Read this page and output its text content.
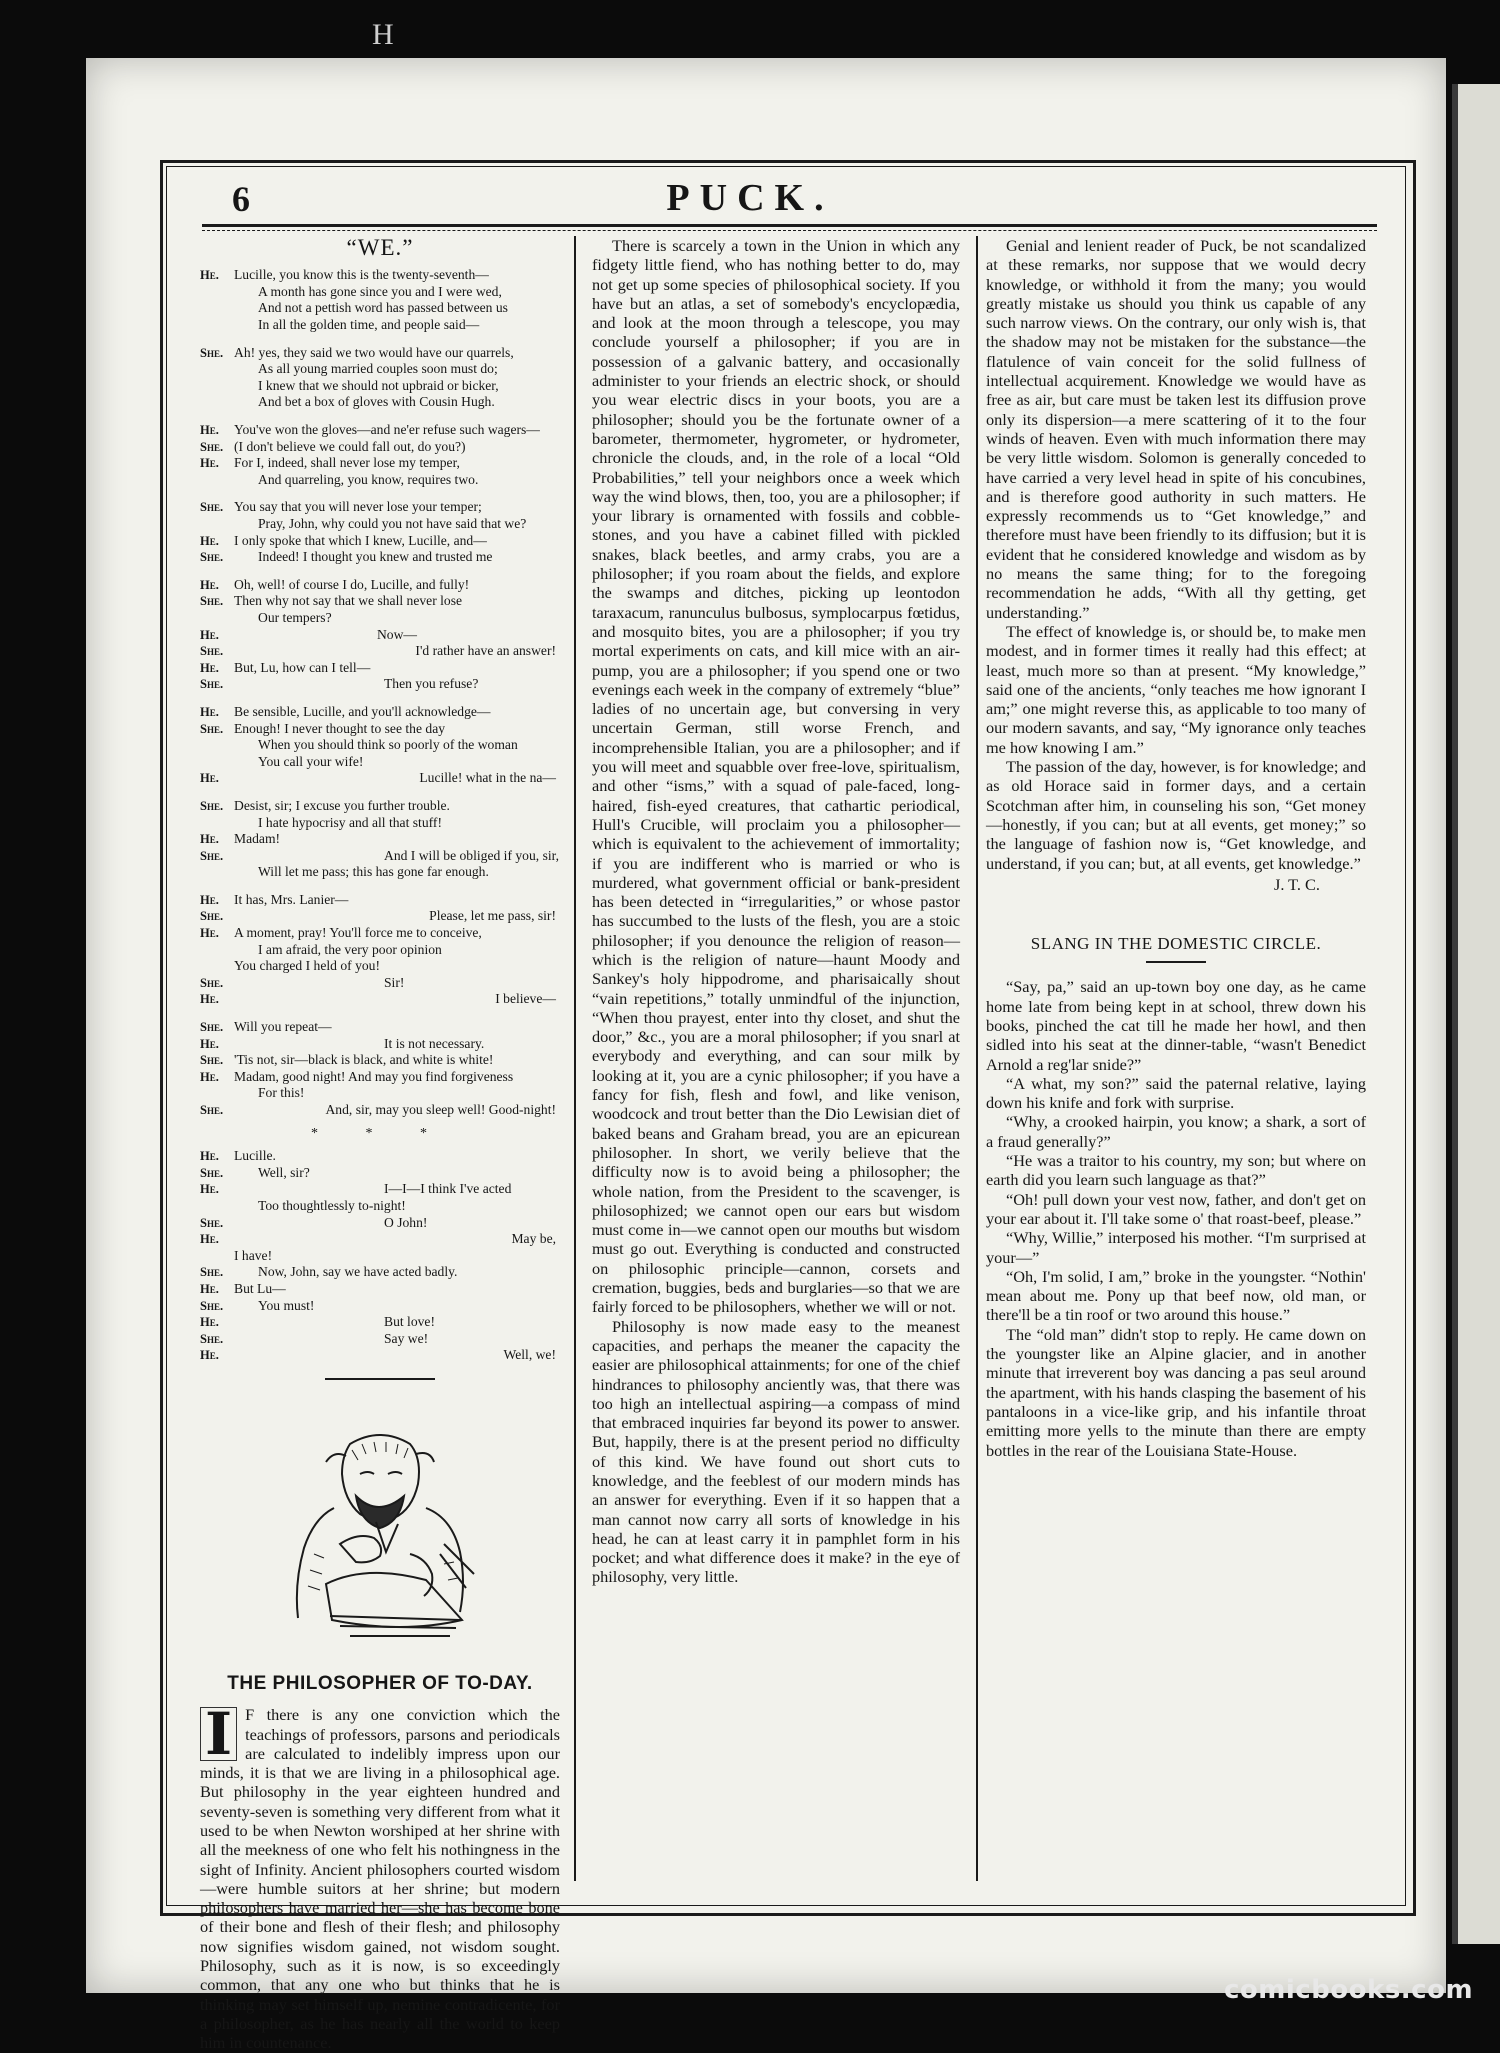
H
6	PUCK.
“WE.”
He.	Lucille, you know this is the twenty-seventh—
A month has gone since you and I were wed,
And not a pettish word has passed between us
In all the golden time, and people said—
She. Ah! yes, they said we two would have our quarrels,
As all young married couples soon must do;
I knew that we should not upbraid or bicker,
And bet a box of gloves with Cousin Hugh.
He.	You've won the gloves—and ne'er refuse such wagers—
She. (I don't believe we could fall out, do you?)
He.	For I, indeed, shall never lose my temper,
And quarreling, you know, requires two.
She. You say that you will never lose your temper;
Pray, John, why could you not have said that we?
He.	I only spoke that which I knew, Lucille, and—
She.	Indeed! I thought you knew and trusted me
He.	Oh, well! of course I do, Lucille, and fully!
She. Then why not say that we shall never lose
Our tempers?
He.	Now—
She.	I'd rather have an answer!
He.	But, Lu, how can I tell—
She.	Then you refuse?
He.	Be sensible, Lucille, and you'll acknowledge—
She. Enough! I never thought to see the day
When you should think so poorly of the woman
You call your wife!
He.	Lucille! what in the na—
She. Desist, sir; I excuse you further trouble.
I hate hypocrisy and all that stuff!
He.	Madam!
She.	And I will be obliged if you, sir,
Will let me pass; this has gone far enough.
He.	It has, Mrs. Lanier—
She.	Please, let me pass, sir!
He.	A moment, pray! You'll force me to conceive,
I am afraid, the very poor opinion
You charged I held of you!
She.	Sir!
He.	I believe—
She. Will you repeat—
He.	It is not necessary.
She. 'Tis not, sir—black is black, and white is white!
He.	Madam, good night! And may you find forgiveness
For this!
She.	And, sir, may you sleep well! Good-night!
* * *
He.	Lucille.
She.	Well, sir?
He.	I—I—I think I've acted
Too thoughtlessly to-night!
She.	O John!
He.	May be,
I have!
She.	Now, John, say we have acted badly.
He.	But Lu—
She.	You must!
He.	But love!
She.	Say we!
He.	Well, we!
THE PHILOSOPHER OF TO-DAY.

I F there is any one conviction which the teachings of professors, parsons and periodicals are calculated to indelibly impress upon our minds, it is that we are living in a philosophical age. But philosophy in the year eighteen hundred and seventy-seven is something very different from what it used to be when Newton worshiped at her shrine with all the meekness of one who felt his nothingness in the sight of Infinity. Ancient philosophers courted wisdom—were humble suitors at her shrine; but modern philosophers have married her—she has become bone of their bone and flesh of their flesh; and philosophy now signifies wisdom gained, not wisdom sought. Philosophy, such as it is now, is so exceedingly common, that any one who but thinks that he is thinking may set himself up, nemine contradicente, for a philosopher, as he has nearly all the world to keep him in countenance.

There is scarcely a town in the Union in which any fidgety little fiend, who has nothing better to do, may not get up some species of philosophical society. If you have but an atlas, a set of somebody's encyclopædia, and look at the moon through a telescope, you may conclude yourself a philosopher; if you are in possession of a galvanic battery, and occasionally administer to your friends an electric shock, or should you wear electric discs in your boots, you are a philosopher; should you be the fortunate owner of a barometer, thermometer, hygrometer, or hydrometer, chronicle the clouds, and, in the role of a local “Old Probabilities,” tell your neighbors once a week which way the wind blows, then, too, you are a philosopher; if your library is ornamented with fossils and cobble-stones, and you have a cabinet filled with pickled snakes, black beetles, and army crabs, you are a philosopher; if you roam about the fields, and explore the swamps and ditches, picking up leontodon taraxacum, ranunculus bulbosus, symplocarpus fœtidus, and mosquito bites, you are a philosopher; if you try mortal experiments on cats, and kill mice with an air-pump, you are a philosopher; if you spend one or two evenings each week in the company of extremely “blue” ladies of no uncertain age, but conversing in very uncertain German, still worse French, and incomprehensible Italian, you are a philosopher; and if you will meet and squabble over free-love, spiritualism, and other “isms,” with a squad of pale-faced, long-haired, fish-eyed creatures, that cathartic periodical, Hull's Crucible, will proclaim you a philosopher—which is equivalent to the achievement of immortality; if you are indifferent who is married or who is murdered, what government official or bank-president has been detected in “irregularities,” or whose pastor has succumbed to the lusts of the flesh, you are a stoic philosopher; if you denounce the religion of reason—which is the religion of nature—haunt Moody and Sankey's holy hippodrome, and pharisaically shout “vain repetitions,” totally unmindful of the injunction, “When thou prayest, enter into thy closet, and shut the door,” &c., you are a moral philosopher; if you snarl at everybody and everything, and can sour milk by looking at it, you are a cynic philosopher; if you have a fancy for fish, flesh and fowl, and like venison, woodcock and trout better than the Dio Lewisian diet of baked beans and Graham bread, you are an epicurean philosopher. In short, we verily believe that the difficulty now is to avoid being a philosopher; the whole nation, from the President to the scavenger, is philosophized; we cannot open our ears but wisdom must come in—we cannot open our mouths but wisdom must go out. Everything is conducted and constructed on philosophic principle—cannon, corsets and cremation, buggies, beds and burglaries—so that we are fairly forced to be philosophers, whether we will or not.

Philosophy is now made easy to the meanest capacities, and perhaps the meaner the capacity the easier are philosophical attainments; for one of the chief hindrances to philosophy anciently was, that there was too high an intellectual aspiring—a compass of mind that embraced inquiries far beyond its power to answer. But, happily, there is at the present period no difficulty of this kind. We have found out short cuts to knowledge, and the feeblest of our modern minds has an answer for everything. Even if it so happen that a man cannot now carry all sorts of knowledge in his head, he can at least carry it in pamphlet form in his pocket; and what difference does it make? in the eye of philosophy, very little.

Genial and lenient reader of Puck, be not scandalized at these remarks, nor suppose that we would decry knowledge, or withhold it from the many; you would greatly mistake us should you think us capable of any such narrow views. On the contrary, our only wish is, that the shadow may not be mistaken for the substance—the flatulence of vain conceit for the solid fullness of intellectual acquirement. Knowledge we would have as free as air, but care must be taken lest its diffusion prove only its dispersion—a mere scattering of it to the four winds of heaven. Even with much information there may be very little wisdom. Solomon is generally conceded to have carried a very level head in spite of his concubines, and is therefore good authority in such matters. He expressly recommends us to “Get knowledge,” and therefore must have been friendly to its diffusion; but it is evident that he considered knowledge and wisdom as by no means the same thing; for to the foregoing recommendation he adds, “With all thy getting, get understanding.”

The effect of knowledge is, or should be, to make men modest, and in former times it really had this effect; at least, much more so than at present. “My knowledge,” said one of the ancients, “only teaches me how ignorant I am;” one might reverse this, as applicable to too many of our modern savants, and say, “My ignorance only teaches me how knowing I am.”

The passion of the day, however, is for knowledge; and as old Horace said in former days, and a certain Scotchman after him, in counseling his son, “Get money—honestly, if you can; but at all events, get money;” so the language of fashion now is, “Get knowledge, and understand, if you can; but, at all events, get knowledge.”

J. T. C.
SLANG IN THE DOMESTIC CIRCLE.

“Say, pa,” said an up-town boy one day, as he came home late from being kept in at school, threw down his books, pinched the cat till he made her howl, and then sidled into his seat at the dinner-table, “wasn't Benedict Arnold a reg'lar snide?”

“A what, my son?” said the paternal relative, laying down his knife and fork with surprise.

“Why, a crooked hairpin, you know; a shark, a sort of a fraud generally?”

“He was a traitor to his country, my son; but where on earth did you learn such language as that?”

“Oh! pull down your vest now, father, and don't get on your ear about it. I'll take some o' that roast-beef, please.”

“Why, Willie,” interposed his mother. “I'm surprised at your—”

“Oh, I'm solid, I am,” broke in the youngster. “Nothin' mean about me. Pony up that beef now, old man, or there'll be a tin roof or two around this house.”

The “old man” didn't stop to reply. He came down on the youngster like an Alpine glacier, and in another minute that irreverent boy was dancing a pas seul around the apartment, with his hands clasping the basement of his pantaloons in a vice-like grip, and his infantile throat emitting more yells to the minute than there are empty bottles in the rear of the Louisiana State-House.

comicbooks.com
